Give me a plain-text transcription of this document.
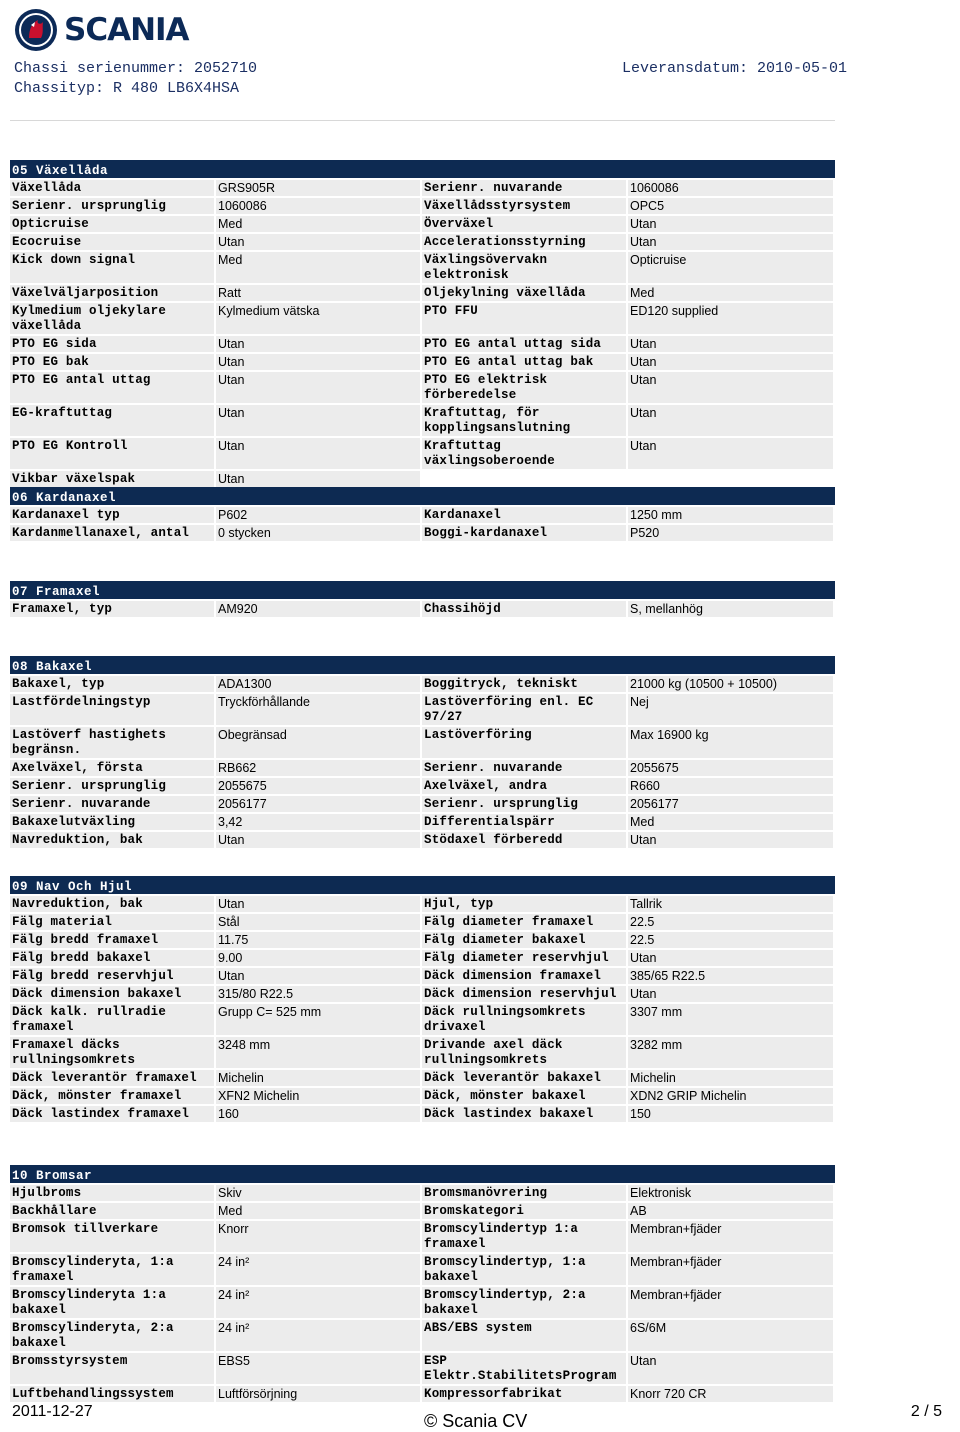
SCANIA
Chassi serienummer: 2052710	Leveransdatum: 2010-05-01
Chassityp: R 480 LB6X4HSA
05 Växellåda
Växellåda	GRS905R	Serienr. nuvarande	1060086
Serienr. ursprunglig	1060086	Växellådsstyrsystem	OPC5
Opticruise	Med	Överväxel	Utan
Ecocruise	Utan	Accelerationsstyrning	Utan
Kick down signal	Med	Växlingsövervakn elektronisk	Opticruise
Växelväljarposition	Ratt	Oljekylning växellåda	Med
Kylmedium oljekylare växellåda	Kylmedium vätska	PTO FFU	ED120 supplied
PTO EG sida	Utan	PTO EG antal uttag sida	Utan
PTO EG bak	Utan	PTO EG antal uttag bak	Utan
PTO EG antal uttag	Utan	PTO EG elektrisk förberedelse	Utan
EG-kraftuttag	Utan	Kraftuttag, för kopplingsanslutning	Utan
PTO EG Kontroll	Utan	Kraftuttag växlingsoberoende	Utan
Vikbar växelspak	Utan		
06 Kardanaxel
Kardanaxel typ	P602	Kardanaxel	1250 mm
Kardanmellanaxel, antal	0 stycken	Boggi-kardanaxel	P520
07 Framaxel
Framaxel, typ	AM920	Chassihöjd	S, mellanhög
08 Bakaxel
Bakaxel, typ	ADA1300	Boggitryck, tekniskt	21000 kg (10500 + 10500)
Lastfördelningstyp	Tryckförhållande	Lastöverföring enl. EC 97/27	Nej
Lastöverf hastighets begränsn.	Obegränsad	Lastöverföring	Max 16900 kg
Axelväxel, första	RB662	Serienr. nuvarande	2055675
Serienr. ursprunglig	2055675	Axelväxel, andra	R660
Serienr. nuvarande	2056177	Serienr. ursprunglig	2056177
Bakaxelutväxling	3,42	Differentialspärr	Med
Navreduktion, bak	Utan	Stödaxel förberedd	Utan
09 Nav Och Hjul
Navreduktion, bak	Utan	Hjul, typ	Tallrik
Fälg material	Stål	Fälg diameter framaxel	22.5
Fälg bredd framaxel	11.75	Fälg diameter bakaxel	22.5
Fälg bredd bakaxel	9.00	Fälg diameter reservhjul	Utan
Fälg bredd reservhjul	Utan	Däck dimension framaxel	385/65 R22.5
Däck dimension bakaxel	315/80 R22.5	Däck dimension reservhjul	Utan
Däck kalk. rullradie framaxel	Grupp C= 525 mm	Däck rullningsomkrets drivaxel	3307 mm
Framaxel däcks rullningsomkrets	3248 mm	Drivande axel däck rullningsomkrets	3282 mm
Däck leverantör framaxel	Michelin	Däck leverantör bakaxel	Michelin
Däck, mönster framaxel	XFN2 Michelin	Däck, mönster bakaxel	XDN2 GRIP Michelin
Däck lastindex framaxel	160	Däck lastindex bakaxel	150
10 Bromsar
Hjulbroms	Skiv	Bromsmanövrering	Elektronisk
Backhållare	Med	Bromskategori	AB
Bromsok tillverkare	Knorr	Bromscylindertyp 1:a framaxel	Membran+fjäder
Bromscylinderyta, 1:a framaxel	24 in²	Bromscylindertyp, 1:a bakaxel	Membran+fjäder
Bromscylinderyta 1:a bakaxel	24 in²	Bromscylindertyp, 2:a bakaxel	Membran+fjäder
Bromscylinderyta, 2:a bakaxel	24 in²	ABS/EBS system	6S/6M
Bromsstyrsystem	EBS5	ESP Elektr.StabilitetsProgram	Utan
Luftbehandlingssystem	Luftförsörjning	Kompressorfabrikat	Knorr 720 CR
2011-12-27	© Scania CV	2 / 5
